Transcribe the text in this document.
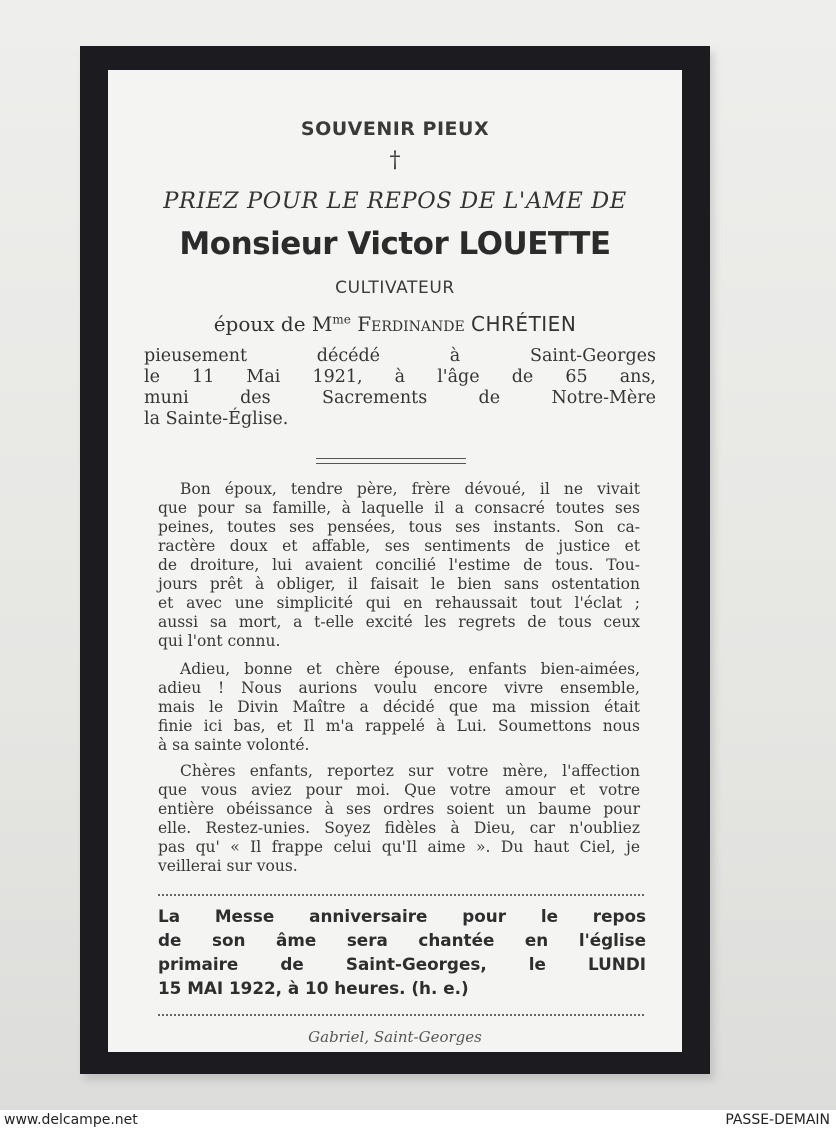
SOUVENIR PIEUX
†
PRIEZ POUR LE REPOS DE L'AME DE
Monsieur Victor LOUETTE
CULTIVATEUR
époux de $M^{me}$ Ferdinande CHRÉTIEN
pieusement décédé à Saint-Georges
le 11 Mai 1921, à l'âge de 65 ans,
muni des Sacrements de Notre-Mère
la Sainte-Église.
Bon époux, tendre père, frère dévoué, il ne vivait
que pour sa famille, à laquelle il a consacré toutes ses
peines, toutes ses pensées, tous ses instants. Son ca-
ractère doux et affable, ses sentiments de justice et
de droiture, lui avaient concilié l'estime de tous. Tou-
jours prêt à obliger, il faisait le bien sans ostentation
et avec une simplicité qui en rehaussait tout l'éclat ;
aussi sa mort, a t-elle excité les regrets de tous ceux
qui l'ont connu.
Adieu, bonne et chère épouse, enfants bien-aimées,
adieu ! Nous aurions voulu encore vivre ensemble,
mais le Divin Maître a décidé que ma mission était
finie ici bas, et Il m'a rappelé à Lui. Soumettons nous
à sa sainte volonté.
Chères enfants, reportez sur votre mère, l'affection
que vous aviez pour moi. Que votre amour et votre
entière obéissance à ses ordres soient un baume pour
elle. Restez-unies. Soyez fidèles à Dieu, car n'oubliez
pas qu' « Il frappe celui qu'Il aime ». Du haut Ciel, je
veillerai sur vous.
La Messe anniversaire pour le repos
de son âme sera chantée en l'église
primaire de Saint-Georges, le LUNDI
15 MAI 1922, à 10 heures. (h. e.)
Gabriel, Saint-Georges
www.delcampe.net	PASSE-DEMAIN
